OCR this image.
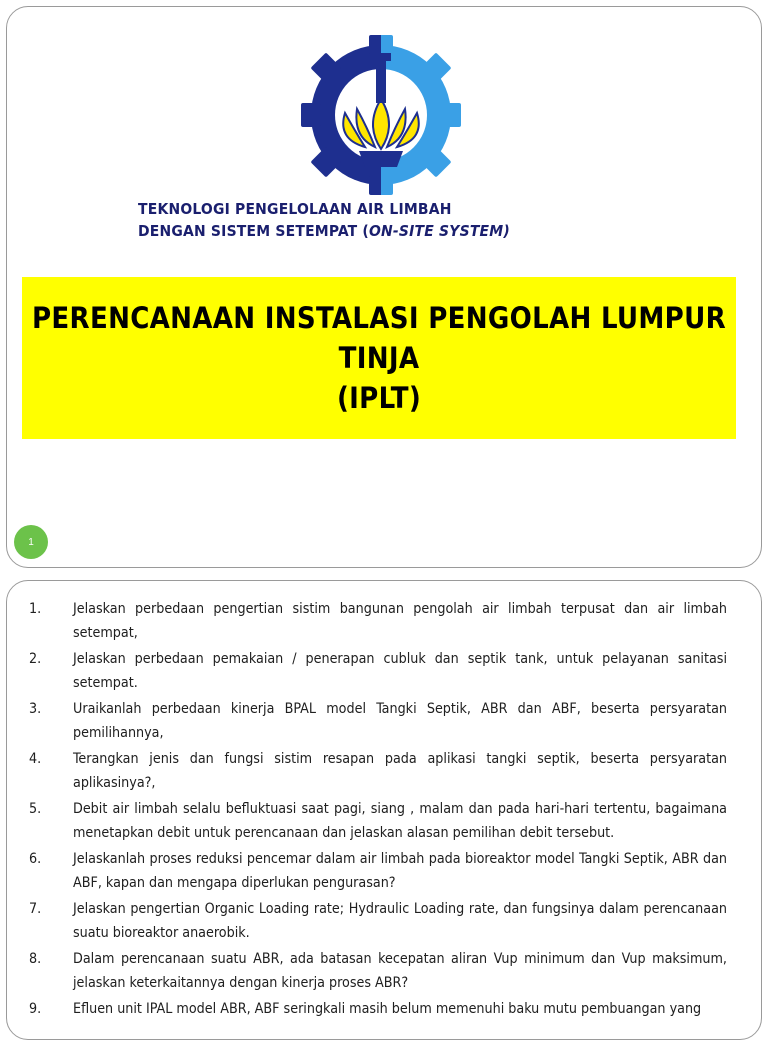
TEKNOLOGI PENGELOLAAN AIR LIMBAH
DENGAN SISTEM SETEMPAT (ON-SITE SYSTEM)
PERENCANAAN INSTALASI PENGOLAH LUMPUR
TINJA
(IPLT)
1
1.	Jelaskan perbedaan pengertian sistim bangunan pengolah air limbah terpusat dan air limbah setempat,
2.	Jelaskan perbedaan pemakaian / penerapan cubluk dan septik tank, untuk pelayanan sanitasi setempat.
3.	Uraikanlah perbedaan kinerja BPAL model Tangki Septik, ABR dan ABF, beserta persyaratan pemilihannya,
4.	Terangkan jenis dan fungsi sistim resapan pada aplikasi tangki septik, beserta persyaratan aplikasinya?,
5.	Debit air limbah selalu befluktuasi saat pagi, siang , malam dan pada hari-hari tertentu, bagaimana menetapkan debit untuk perencanaan dan jelaskan alasan pemilihan debit tersebut.
6.	Jelaskanlah proses reduksi pencemar dalam air limbah pada bioreaktor model Tangki Septik, ABR dan ABF, kapan dan mengapa diperlukan pengurasan?
7.	Jelaskan pengertian Organic Loading rate; Hydraulic Loading rate, dan fungsinya dalam perencanaan suatu bioreaktor anaerobik.
8.	Dalam perencanaan suatu ABR, ada batasan kecepatan aliran Vup minimum dan Vup maksimum, jelaskan keterkaitannya dengan kinerja proses ABR?
9.	Efluen unit IPAL model ABR, ABF seringkali masih belum memenuhi baku mutu pembuangan yang
